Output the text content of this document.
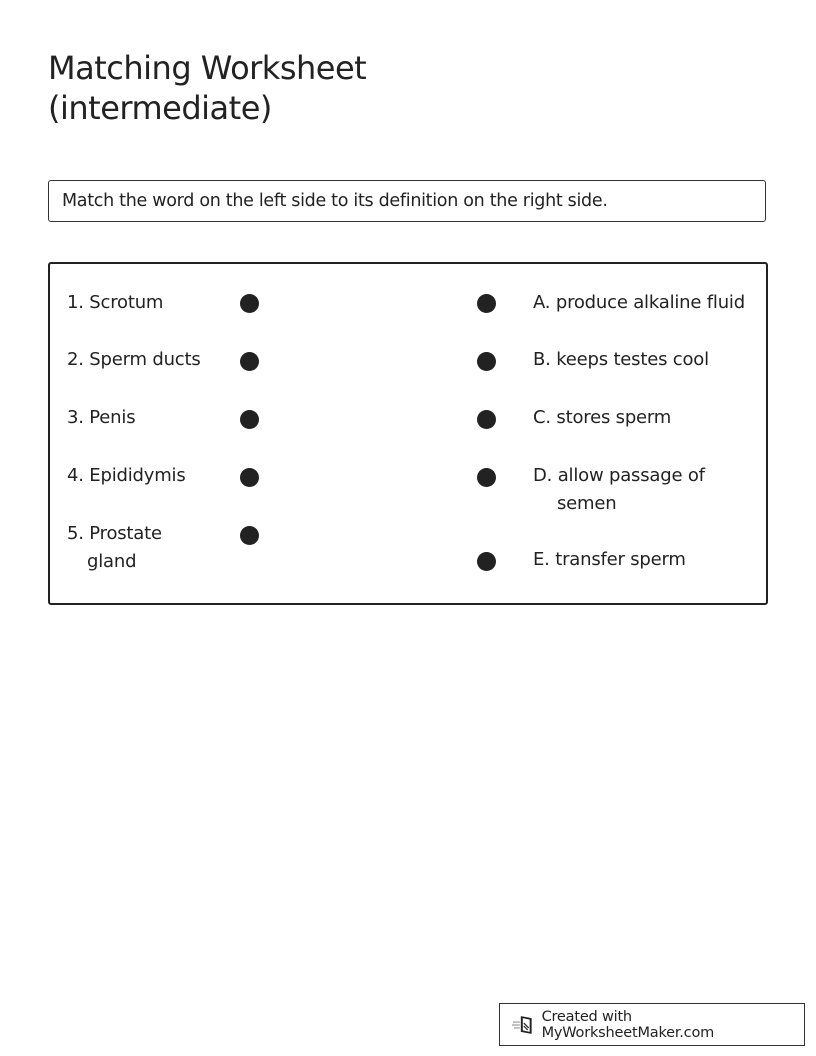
Matching Worksheet
(intermediate)
Match the word on the left side to its definition on the right side.
1. Scrotum
2. Sperm ducts
3. Penis
4. Epididymis
5. Prostate
gland
A. produce alkaline fluid
B. keeps testes cool
C. stores sperm
D. allow passage of
semen
E. transfer sperm
Created with MyWorksheetMaker.com
